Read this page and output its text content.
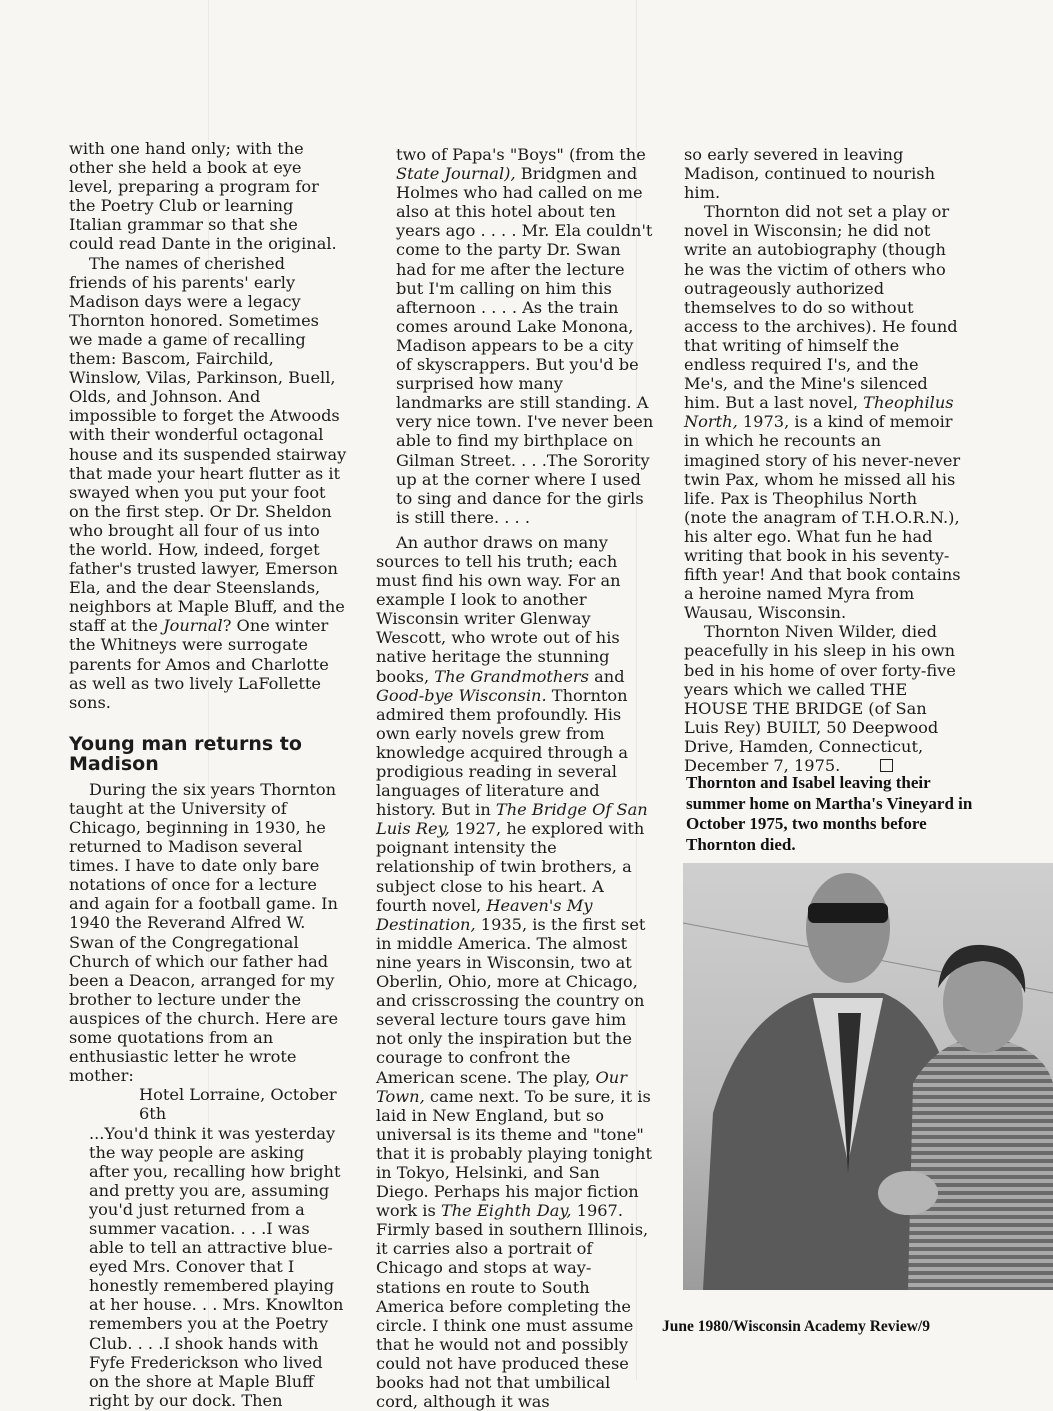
with one hand only; with the other she held a book at eye level, preparing a program for the Poetry Club or learning Italian grammar so that she could read Dante in the original.

The names of cherished friends of his parents' early Madison days were a legacy Thornton honored. Sometimes we made a game of recalling them: Bascom, Fairchild, Winslow, Vilas, Parkinson, Buell, Olds, and Johnson. And impossible to forget the Atwoods with their wonderful octagonal house and its suspended stairway that made your heart flutter as it swayed when you put your foot on the first step. Or Dr. Sheldon who brought all four of us into the world. How, indeed, forget father's trusted lawyer, Emerson Ela, and the dear Steenslands, neighbors at Maple Bluff, and the staff at the Journal? One winter the Whitneys were surrogate parents for Amos and Charlotte as well as two lively LaFollette sons.

Young man returns to Madison

During the six years Thornton taught at the University of Chicago, beginning in 1930, he returned to Madison several times. I have to date only bare notations of once for a lecture and again for a football game. In 1940 the Reverand Alfred W. Swan of the Congregational Church of which our father had been a Deacon, arranged for my brother to lecture under the auspices of the church. Here are some quotations from an enthusiastic letter he wrote mother:

Hotel Lorraine, October 6th
...You'd think it was yesterday the way people are asking after you, recalling how bright and pretty you are, assuming you'd just returned from a summer vacation. . . .I was able to tell an attractive blue-eyed Mrs. Conover that I honestly remembered playing at her house. . . Mrs. Knowlton remembers you at the Poetry Club. . . .I shook hands with Fyfe Frederickson who lived on the shore at Maple Bluff right by our dock. Then
two of Papa's "Boys" (from the State Journal), Bridgmen and Holmes who had called on me also at this hotel about ten years ago . . . . Mr. Ela couldn't come to the party Dr. Swan had for me after the lecture but I'm calling on him this afternoon . . . . As the train comes around Lake Monona, Madison appears to be a city of skyscrappers. But you'd be surprised how many landmarks are still standing. A very nice town. I've never been able to find my birthplace on Gilman Street. . . .The Sorority up at the corner where I used to sing and dance for the girls is still there. . . .

An author draws on many sources to tell his truth; each must find his own way. For an example I look to another Wisconsin writer Glenway Wescott, who wrote out of his native heritage the stunning books, The Grandmothers and Good-bye Wisconsin. Thornton admired them profoundly. His own early novels grew from knowledge acquired through a prodigious reading in several languages of literature and history. But in The Bridge Of San Luis Rey, 1927, he explored with poignant intensity the relationship of twin brothers, a subject close to his heart. A fourth novel, Heaven's My Destination, 1935, is the first set in middle America. The almost nine years in Wisconsin, two at Oberlin, Ohio, more at Chicago, and crisscrossing the country on several lecture tours gave him not only the inspiration but the courage to confront the American scene. The play, Our Town, came next. To be sure, it is laid in New England, but so universal is its theme and "tone" that it is probably playing tonight in Tokyo, Helsinki, and San Diego. Perhaps his major fiction work is The Eighth Day, 1967. Firmly based in southern Illinois, it carries also a portrait of Chicago and stops at way-stations en route to South America before completing the circle. I think one must assume that he would not and possibly could not have produced these books had not that umbilical cord, although it was

so early severed in leaving Madison, continued to nourish him.

Thornton did not set a play or novel in Wisconsin; he did not write an autobiography (though he was the victim of others who outrageously authorized themselves to do so without access to the archives). He found that writing of himself the endless required I's, and the Me's, and the Mine's silenced him. But a last novel, Theophilus North, 1973, is a kind of memoir in which he recounts an imagined story of his never-never twin Pax, whom he missed all his life. Pax is Theophilus North (note the anagram of T.H.O.R.N.), his alter ego. What fun he had writing that book in his seventy-fifth year! And that book contains a heroine named Myra from Wausau, Wisconsin.

Thornton Niven Wilder, died peacefully in his sleep in his own bed in his home of over forty-five years which we called THE HOUSE THE BRIDGE (of San Luis Rey) BUILT, 50 Deepwood Drive, Hamden, Connecticut, December 7, 1975.

Thornton and Isabel leaving their summer home on Martha's Vineyard in October 1975, two months before Thornton died.
June 1980/Wisconsin Academy Review/9
